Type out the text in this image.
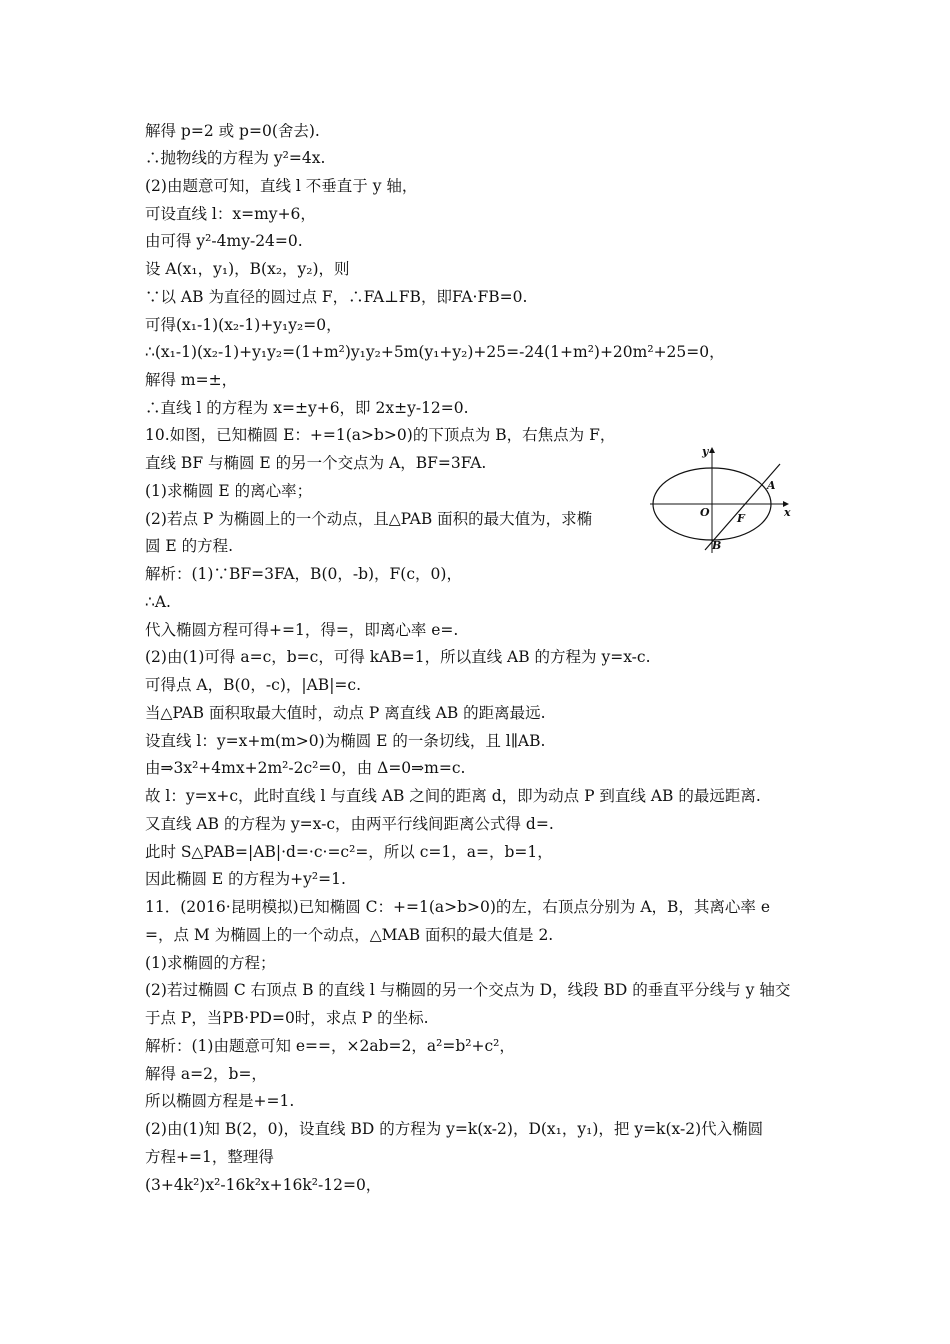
解得 p=2 或 p=0(舍去).
∴抛物线的方程为 y²=4x.
(2)由题意可知，直线 l 不垂直于 y 轴，
可设直线 l：x=my+6，
由可得 y²-4my-24=0.
设 A(x₁，y₁)，B(x₂，y₂)，则
∵以 AB 为直径的圆过点 F，∴FA⊥FB，即FA·FB=0.
可得(x₁-1)(x₂-1)+y₁y₂=0，
∴(x₁-1)(x₂-1)+y₁y₂=(1+m²)y₁y₂+5m(y₁+y₂)+25=-24(1+m²)+20m²+25=0，
解得 m=±，
∴直线 l 的方程为 x=±y+6，即 2x±y-12=0.
10.如图，已知椭圆 E：+=1(a>b>0)的下顶点为 B，右焦点为 F，
直线 BF 与椭圆 E 的另一个交点为 A，BF=3FA.
(1)求椭圆 E 的离心率；
(2)若点 P 为椭圆上的一个动点，且△PAB 面积的最大值为，求椭
圆 E 的方程.
解析：(1)∵BF=3FA，B(0，-b)，F(c，0)，
∴A.
代入椭圆方程可得+=1，得=，即离心率 e=.
(2)由(1)可得 a=c，b=c，可得 kAB=1，所以直线 AB 的方程为 y=x-c.
可得点 A，B(0，-c)，|AB|=c.
当△PAB 面积取最大值时，动点 P 离直线 AB 的距离最远.
设直线 l：y=x+m(m>0)为椭圆 E 的一条切线，且 l∥AB.
由⇒3x²+4mx+2m²-2c²=0，由 Δ=0⇒m=c.
故 l：y=x+c，此时直线 l 与直线 AB 之间的距离 d，即为动点 P 到直线 AB 的最远距离.
又直线 AB 的方程为 y=x-c，由两平行线间距离公式得 d=.
此时 S△PAB=|AB|·d=·c·=c²=，所以 c=1，a=，b=1，
因此椭圆 E 的方程为+y²=1.
11．(2016·昆明模拟)已知椭圆 C：+=1(a>b>0)的左，右顶点分别为 A，B，其离心率 e
=，点 M 为椭圆上的一个动点，△MAB 面积的最大值是 2.
(1)求椭圆的方程；
(2)若过椭圆 C 右顶点 B 的直线 l 与椭圆的另一个交点为 D，线段 BD 的垂直平分线与 y 轴交
于点 P，当PB·PD=0时，求点 P 的坐标.
解析：(1)由题意可知 e==，×2ab=2，a²=b²+c²，
解得 a=2，b=，
所以椭圆方程是+=1.
(2)由(1)知 B(2，0)，设直线 BD 的方程为 y=k(x-2)，D(x₁，y₁)，把 y=k(x-2)代入椭圆
方程+=1，整理得
(3+4k²)x²-16k²x+16k²-12=0，
y
x
O
A
F
B
